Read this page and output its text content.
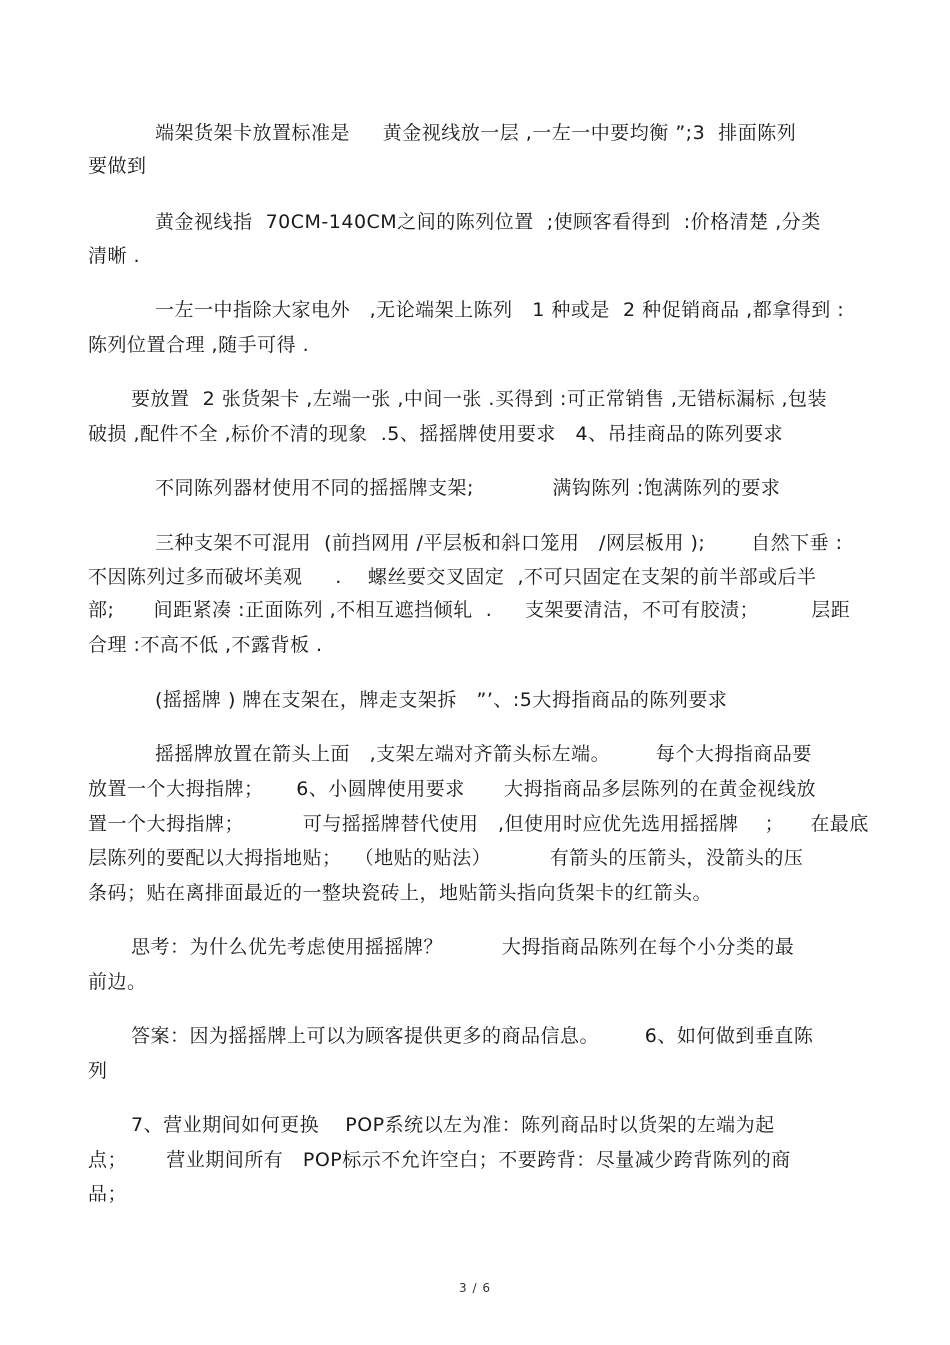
端架货架卡放置标准是     黄金视线放一层 ,一左一中要均衡 ”;3  排面陈列
要做到
黄金视线指  70CM-140CM之间的陈列位置  ;使顾客看得到  :价格清楚 ,分类
清晰 .
一左一中指除大家电外   ,无论端架上陈列   1 种或是  2 种促销商品 ,都拿得到 :
陈列位置合理 ,随手可得 .
要放置  2 张货架卡 ,左端一张 ,中间一张 .买得到 :可正常销售 ,无错标漏标 ,包装
破损 ,配件不全 ,标价不清的现象  .5、摇摇牌使用要求   4、吊挂商品的陈列要求
不同陈列器材使用不同的摇摇牌支架;            满钩陈列 :饱满陈列的要求
三种支架不可混用  (前挡网用 /平层板和斜口笼用   /网层板用 );       自然下垂 :
不因陈列过多而破坏美观     .    螺丝要交叉固定  ,不可只固定在支架的前半部或后半
部;      间距紧凑 :正面陈列 ,不相互遮挡倾轧  .     支架要清洁，不可有胶渍；        层距
合理 :不高不低 ,不露背板 .
(摇摇牌 ) 牌在支架在，牌走支架拆   ”’、:5大拇指商品的陈列要求
摇摇牌放置在箭头上面   ,支架左端对齐箭头标左端。       每个大拇指商品要
放置一个大拇指牌；     6、小圆牌使用要求      大拇指商品多层陈列的在黄金视线放
置一个大拇指牌；         可与摇摇牌替代使用   ,但使用时应优先选用摇摇牌    ；    在最底
层陈列的要配以大拇指地贴；  （地贴的贴法）         有箭头的压箭头，没箭头的压
条码；贴在离排面最近的一整块瓷砖上，地贴箭头指向货架卡的红箭头。
思考：为什么优先考虑使用摇摇牌？         大拇指商品陈列在每个小分类的最
前边。
答案：因为摇摇牌上可以为顾客提供更多的商品信息。       6、如何做到垂直陈
列
7、营业期间如何更换    POP系统以左为准：陈列商品时以货架的左端为起
点；      营业期间所有   POP标示不允许空白；不要跨背：尽量减少跨背陈列的商
品；
3 / 6
